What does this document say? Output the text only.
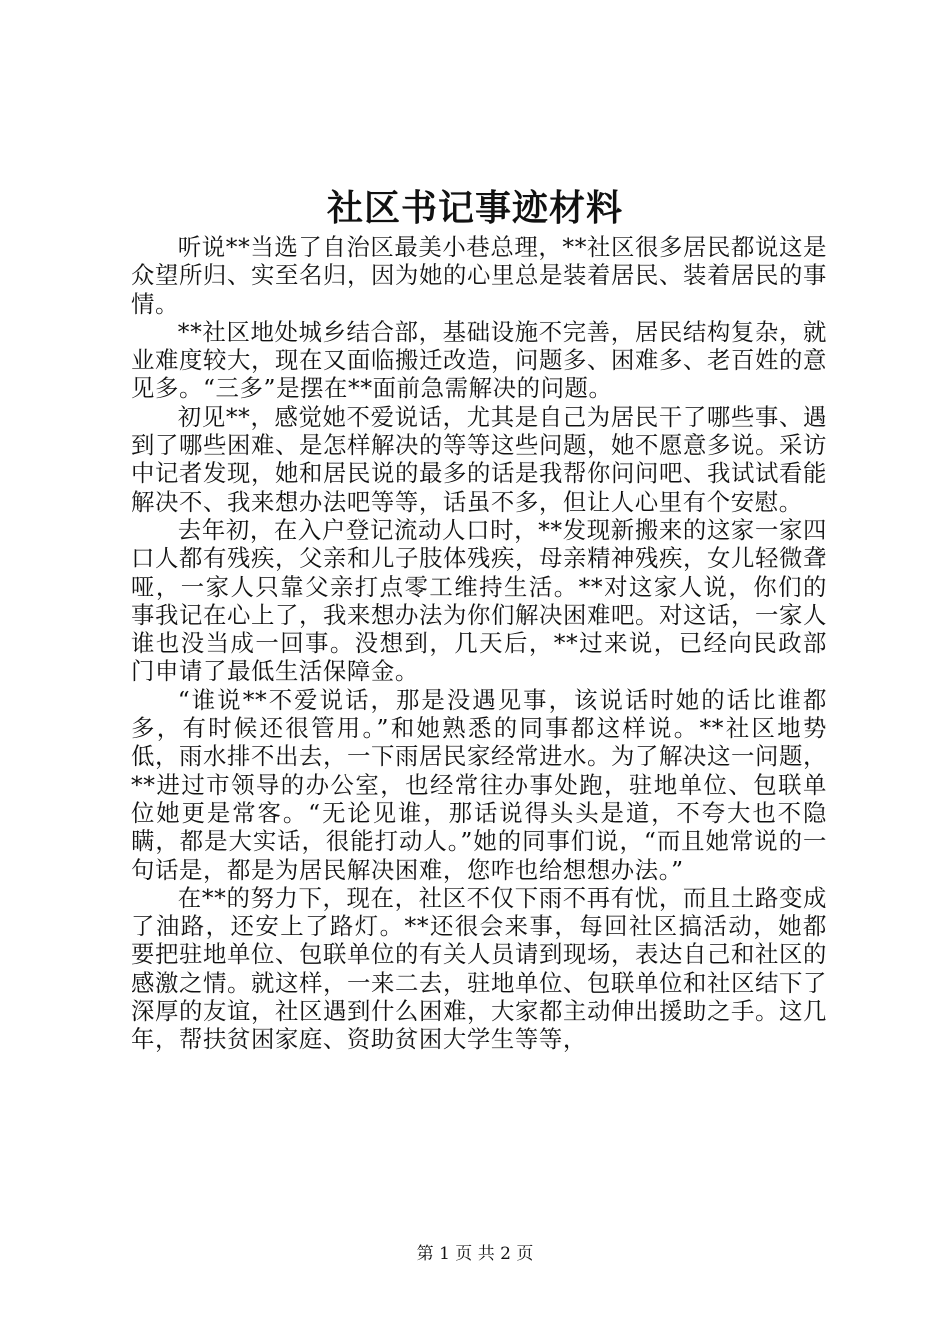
社区书记事迹材料

听说**当选了自治区最美小巷总理，**社区很多居民都说这是众望所归、实至名归，因为她的心里总是装着居民、装着居民的事情。

**社区地处城乡结合部，基础设施不完善，居民结构复杂，就业难度较大，现在又面临搬迁改造，问题多、困难多、老百姓的意见多。“三多”是摆在**面前急需解决的问题。

初见**，感觉她不爱说话，尤其是自己为居民干了哪些事、遇到了哪些困难、是怎样解决的等等这些问题，她不愿意多说。采访中记者发现，她和居民说的最多的话是我帮你问问吧、我试试看能解决不、我来想办法吧等等，话虽不多，但让人心里有个安慰。

去年初，在入户登记流动人口时，**发现新搬来的这家一家四口人都有残疾，父亲和儿子肢体残疾，母亲精神残疾，女儿轻微聋哑，一家人只靠父亲打点零工维持生活。**对这家人说，你们的事我记在心上了，我来想办法为你们解决困难吧。对这话，一家人谁也没当成一回事。没想到，几天后，**过来说，已经向民政部门申请了最低生活保障金。

“谁说**不爱说话，那是没遇见事，该说话时她的话比谁都多，有时候还很管用。”和她熟悉的同事都这样说。**社区地势低，雨水排不出去，一下雨居民家经常进水。为了解决这一问题，**进过市领导的办公室，也经常往办事处跑，驻地单位、包联单位她更是常客。“无论见谁，那话说得头头是道，不夸大也不隐瞒，都是大实话，很能打动人。”她的同事们说，“而且她常说的一句话是，都是为居民解决困难，您咋也给想想办法。”

在**的努力下，现在，社区不仅下雨不再有忧，而且土路变成了油路，还安上了路灯。**还很会来事，每回社区搞活动，她都要把驻地单位、包联单位的有关人员请到现场，表达自己和社区的感激之情。就这样，一来二去，驻地单位、包联单位和社区结下了深厚的友谊，社区遇到什么困难，大家都主动伸出援助之手。这几年，帮扶贫困家庭、资助贫困大学生等等，

第 1 页 共 2 页
